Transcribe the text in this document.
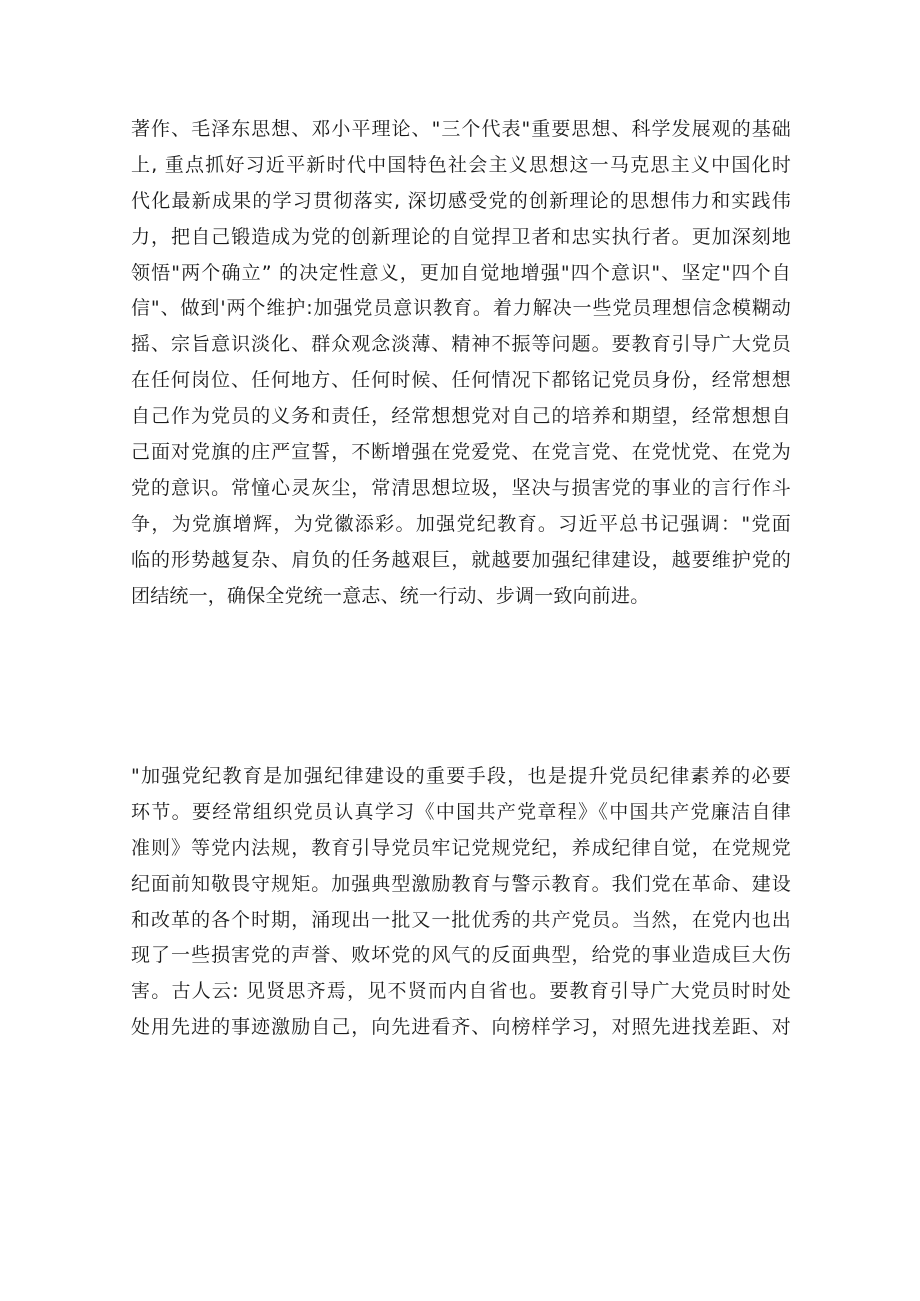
著作、毛泽东思想、邓小平理论、"三个代表"重要思想、科学发展观的基础
上, 重点抓好习近平新时代中国特色社会主义思想这一马克思主义中国化时
代化最新成果的学习贯彻落实, 深切感受党的创新理论的思想伟力和实践伟
力，把自己锻造成为党的创新理论的自觉捍卫者和忠实执行者。更加深刻地
领悟"两个确立” 的决定性意义，更加自觉地增强"四个意识"、坚定"四个自
信"、做到'两个维护:加强党员意识教育。着力解决一些党员理想信念模糊动
摇、宗旨意识淡化、群众观念淡薄、精神不振等问题。要教育引导广大党员
在任何岗位、任何地方、任何时候、任何情况下都铭记党员身份，经常想想
自己作为党员的义务和责任，经常想想党对自己的培养和期望，经常想想自
己面对党旗的庄严宣誓，不断增强在党爱党、在党言党、在党忧党、在党为
党的意识。常憧心灵灰尘，常清思想垃圾，坚决与损害党的事业的言行作斗
争，为党旗增辉，为党徽添彩。加强党纪教育。习近平总书记强调："党面
临的形势越复杂、肩负的任务越艰巨，就越要加强纪律建设，越要维护党的
团结统一，确保全党统一意志、统一行动、步调一致向前进。
"加强党纪教育是加强纪律建设的重要手段，也是提升党员纪律素养的必要
环节。要经常组织党员认真学习《中国共产党章程》《中国共产党廉洁自律
准则》等党内法规，教育引导党员牢记党规党纪，养成纪律自觉，在党规党
纪面前知敬畏守规矩。加强典型激励教育与警示教育。我们党在革命、建设
和改革的各个时期，涌现出一批又一批优秀的共产党员。当然，在党内也出
现了一些损害党的声誉、败坏党的风气的反面典型，给党的事业造成巨大伤
害。古人云: 见贤思齐焉，见不贤而内自省也。要教育引导广大党员时时处
处用先进的事迹激励自己，向先进看齐、向榜样学习，对照先进找差距、对
